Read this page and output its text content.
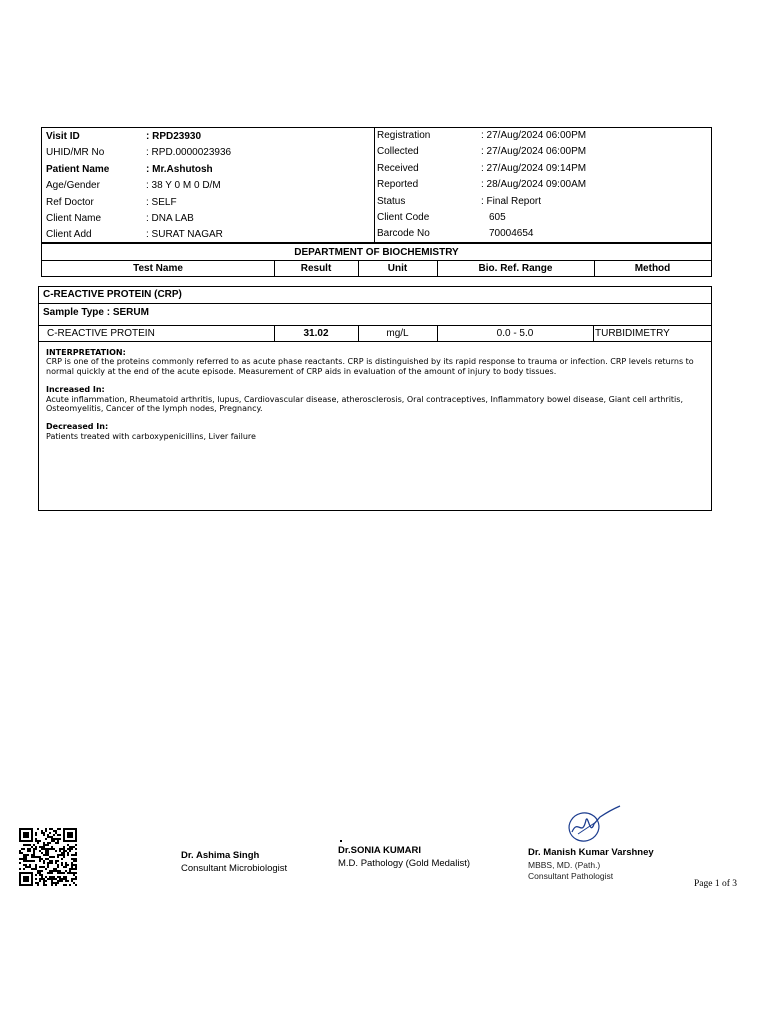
Visit ID	: RPD23930
UHID/MR No	: RPD.0000023936
Patient Name	: Mr.Ashutosh
Age/Gender	: 38 Y 0 M 0 D/M
Ref Doctor	: SELF
Client Name	: DNA LAB
Client Add	: SURAT NAGAR
Registration	: 27/Aug/2024 06:00PM
Collected	: 27/Aug/2024 06:00PM
Received	: 27/Aug/2024 09:14PM
Reported	: 28/Aug/2024 09:00AM
Status	: Final Report
Client Code	605
Barcode No	70004654
DEPARTMENT OF BIOCHEMISTRY
Test Name	Result	Unit	Bio. Ref. Range	Method
C-REACTIVE PROTEIN (CRP)
Sample Type : SERUM
C-REACTIVE PROTEIN	31.02	mg/L	0.0 - 5.0	TURBIDIMETRY
INTERPRETATION:
CRP is one of the proteins commonly referred to as acute phase reactants. CRP is distinguished by its rapid response to trauma or infection. CRP levels returns to normal quickly at the end of the acute episode. Measurement of CRP aids in evaluation of the amount of injury to body tissues.
Increased In:
Acute inflammation, Rheumatoid arthritis, lupus, Cardiovascular disease, atherosclerosis, Oral contraceptives, Inflammatory bowel disease, Giant cell arthritis, Osteomyelitis, Cancer of the lymph nodes, Pregnancy.
Decreased In:
Patients treated with carboxypenicillins, Liver failure
Dr. Ashima Singh
Consultant Microbiologist
Dr.SONIA KUMARI
M.D. Pathology (Gold Medalist)
Dr. Manish Kumar Varshney
MBBS, MD. (Path.)
Consultant Pathologist
Page 1 of 3
